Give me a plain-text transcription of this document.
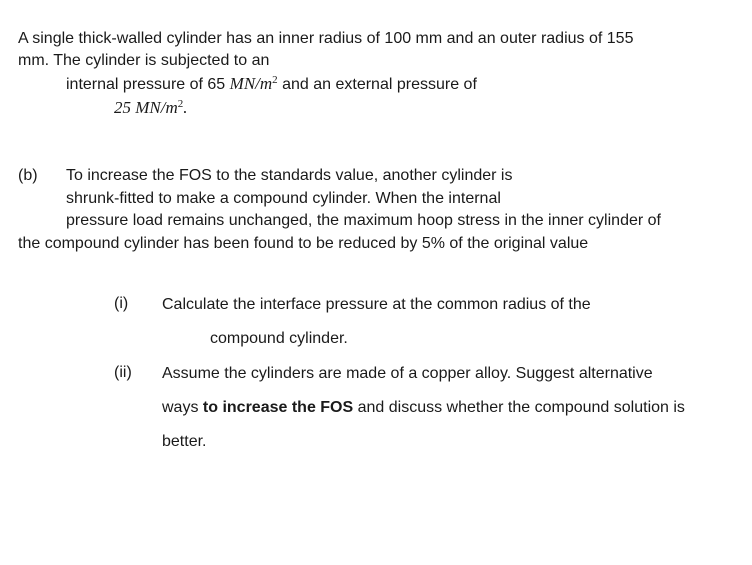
A single thick-walled cylinder has an inner radius of 100 mm and an outer radius of 155
mm. The cylinder is subjected to an
internal pressure of 65 $MN/m^2$ and an external pressure of
25 $MN/m^2$.
(b) To increase the FOS to the standards value, another cylinder is
shrunk-fitted to make a compound cylinder. When the internal
pressure load remains unchanged, the maximum hoop stress in the inner cylinder of
the compound cylinder has been found to be reduced by 5% of the original value
(i) Calculate the interface pressure at the common radius of the
compound cylinder.
(ii) Assume the cylinders are made of a copper alloy. Suggest alternative
ways to increase the FOS and discuss whether the compound solution is
better.
